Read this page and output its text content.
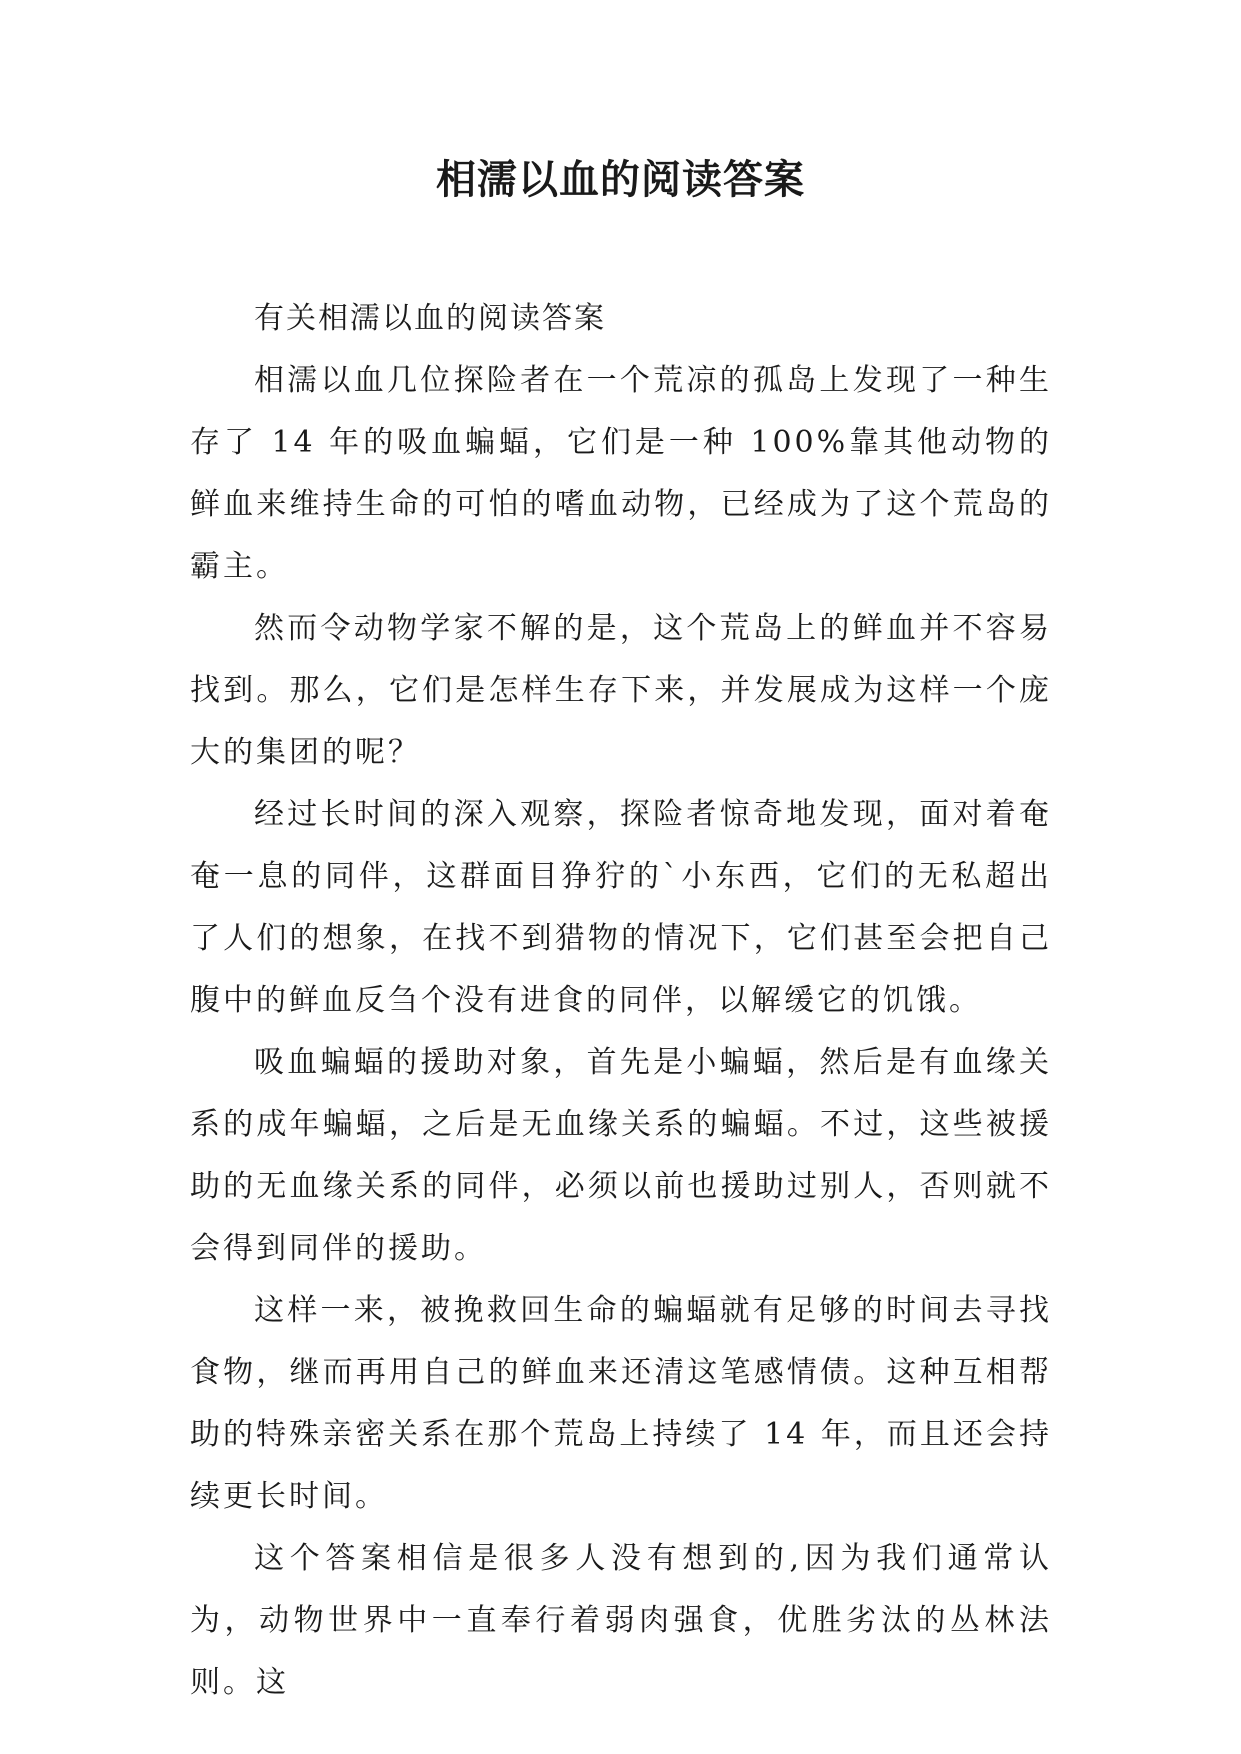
相濡以血的阅读答案

有关相濡以血的阅读答案

相濡以血几位探险者在一个荒凉的孤岛上发现了一种生存了 14 年的吸血蝙蝠，它们是一种 100%靠其他动物的鲜血来维持生命的可怕的嗜血动物，已经成为了这个荒岛的霸主。

然而令动物学家不解的是，这个荒岛上的鲜血并不容易找到。那么，它们是怎样生存下来，并发展成为这样一个庞大的集团的呢？

经过长时间的深入观察，探险者惊奇地发现，面对着奄奄一息的同伴，这群面目狰狞的`小东西，它们的无私超出了人们的想象，在找不到猎物的情况下，它们甚至会把自己腹中的鲜血反刍个没有进食的同伴，以解缓它的饥饿。

吸血蝙蝠的援助对象，首先是小蝙蝠，然后是有血缘关系的成年蝙蝠，之后是无血缘关系的蝙蝠。不过，这些被援助的无血缘关系的同伴，必须以前也援助过别人，否则就不会得到同伴的援助。

这样一来，被挽救回生命的蝙蝠就有足够的时间去寻找食物，继而再用自己的鲜血来还清这笔感情债。这种互相帮助的特殊亲密关系在那个荒岛上持续了 14 年，而且还会持续更长时间。

这个答案相信是很多人没有想到的,因为我们通常认为，动物世界中一直奉行着弱肉强食，优胜劣汰的丛林法则。这
